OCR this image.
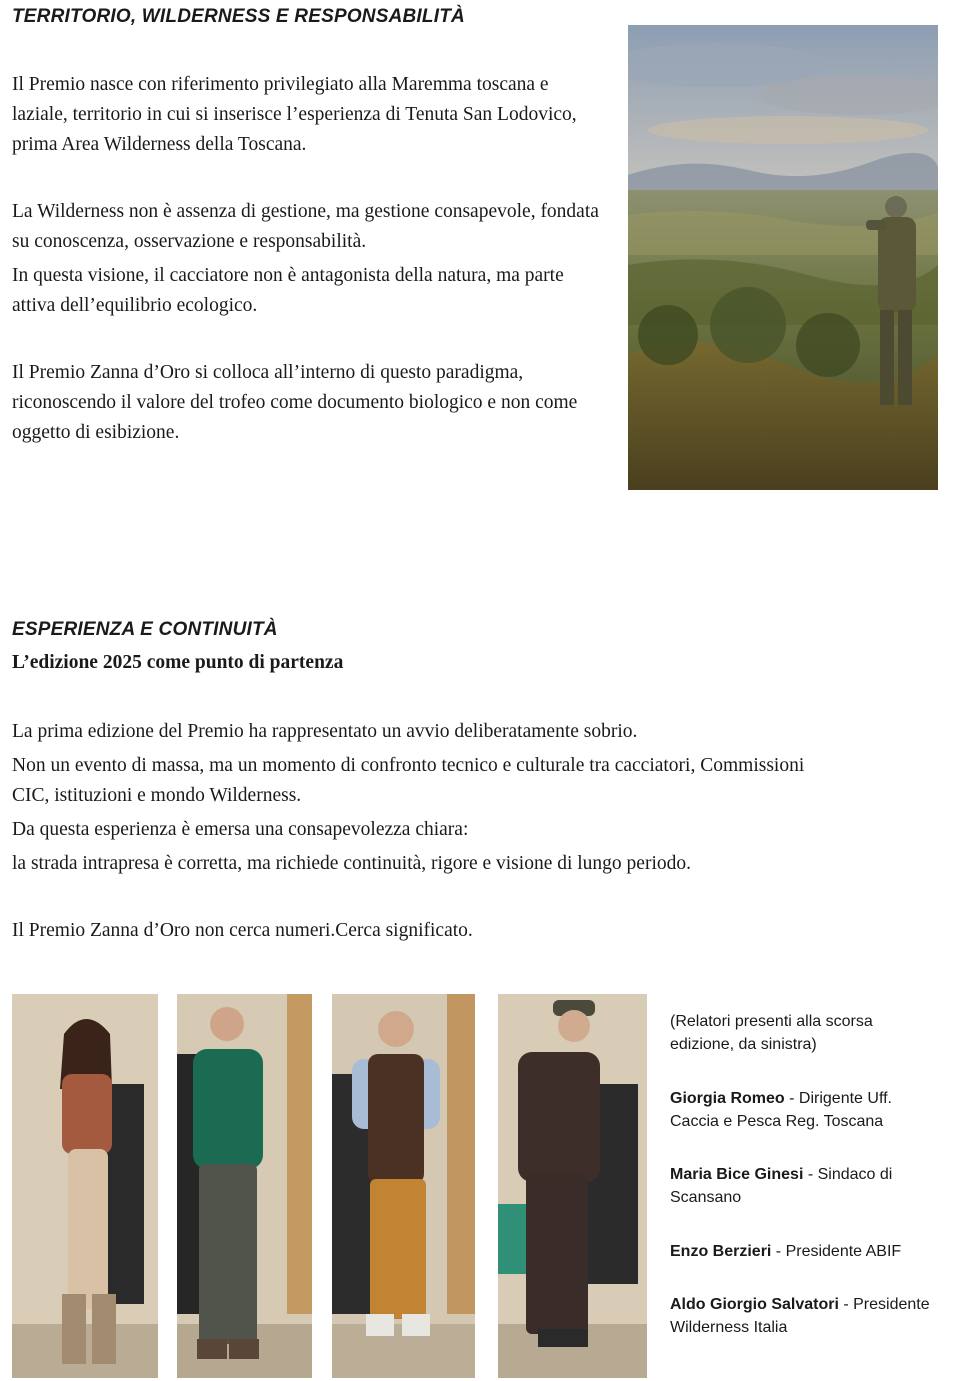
TERRITORIO, WILDERNESS E RESPONSABILITÀ

Il Premio nasce con riferimento privilegiato alla Maremma toscana e laziale, territorio in cui si inserisce l’esperienza di Tenuta San Lodovico, prima Area Wilderness della Toscana.

La Wilderness non è assenza di gestione, ma gestione consapevole, fondata su conoscenza, osservazione e responsabilità.

In questa visione, il cacciatore non è antagonista della natura, ma parte attiva dell’equilibrio ecologico.

Il Premio Zanna d’Oro si colloca all’interno di questo paradigma, riconoscendo il valore del trofeo come documento biologico e non come oggetto di esibizione.

ESPERIENZA E CONTINUITÀ

L’edizione 2025 come punto di partenza

La prima edizione del Premio ha rappresentato un avvio deliberatamente sobrio.

Non un evento di massa, ma un momento di confronto tecnico e culturale tra cacciatori, Commissioni CIC, istituzioni e mondo Wilderness.

Da questa esperienza è emersa una consapevolezza chiara:

la strada intrapresa è corretta, ma richiede continuità, rigore e visione di lungo periodo.

Il Premio Zanna d’Oro non cerca numeri.Cerca significato.

(Relatori presenti alla scorsa edizione, da sinistra)

Giorgia Romeo - Dirigente Uff. Caccia e Pesca Reg. Toscana

Maria Bice Ginesi - Sindaco di Scansano

Enzo Berzieri - Presidente ABIF

Aldo Giorgio Salvatori - Presidente Wilderness Italia
